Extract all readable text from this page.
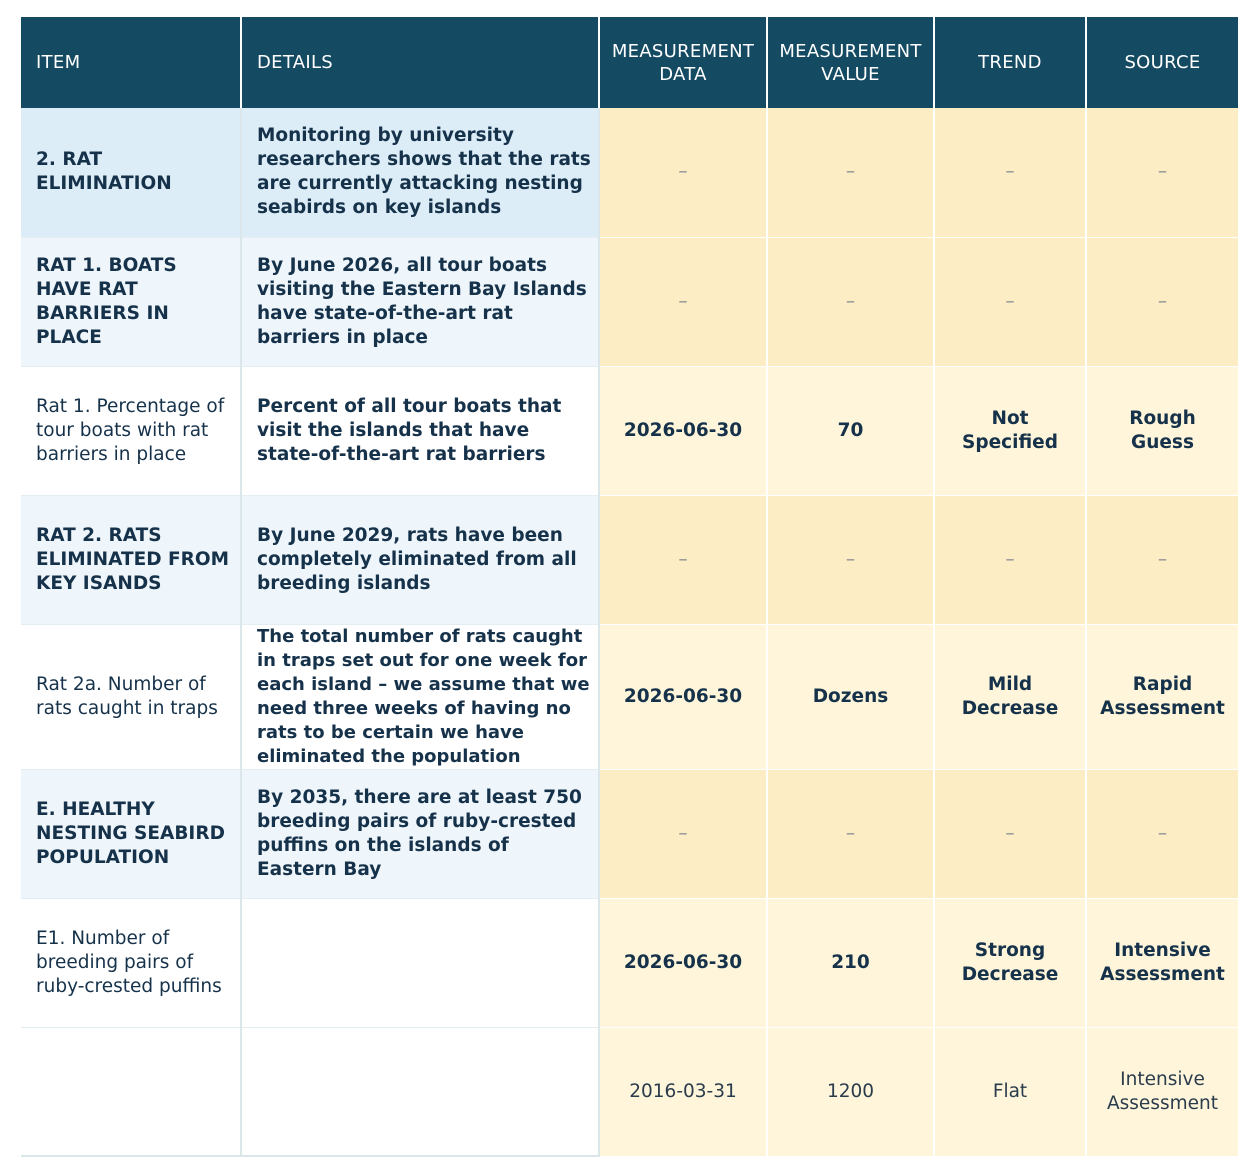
ITEM	DETAILS	MEASUREMENT DATA	MEASUREMENT VALUE	TREND	SOURCE
2. RAT ELIMINATION	Monitoring by university researchers shows that the rats are currently attacking nesting seabirds on key islands	–	–	–	–
RAT 1. BOATS HAVE RAT BARRIERS IN PLACE	By June 2026, all tour boats visiting the Eastern Bay Islands have state-of-the-art rat barriers in place	–	–	–	–
Rat 1. Percentage of tour boats with rat barriers in place	Percent of all tour boats that visit the islands that have state-of-the-art rat barriers	2026-06-30	70	Not Specified	Rough Guess
RAT 2. RATS ELIMINATED FROM KEY ISANDS	By June 2029, rats have been completely eliminated from all breeding islands	–	–	–	–
Rat 2a. Number of rats caught in traps	The total number of rats caught in traps set out for one week for each island – we assume that we need three weeks of having no rats to be certain we have eliminated the population	2026-06-30	Dozens	Mild Decrease	Rapid Assessment
E. HEALTHY NESTING SEABIRD POPULATION	By 2035, there are at least 750 breeding pairs of ruby-crested puffins on the islands of Eastern Bay	–	–	–	–
E1. Number of breeding pairs of ruby-crested puffins		2026-06-30	210	Strong Decrease	Intensive Assessment
		2016-03-31	1200	Flat	Intensive Assessment
